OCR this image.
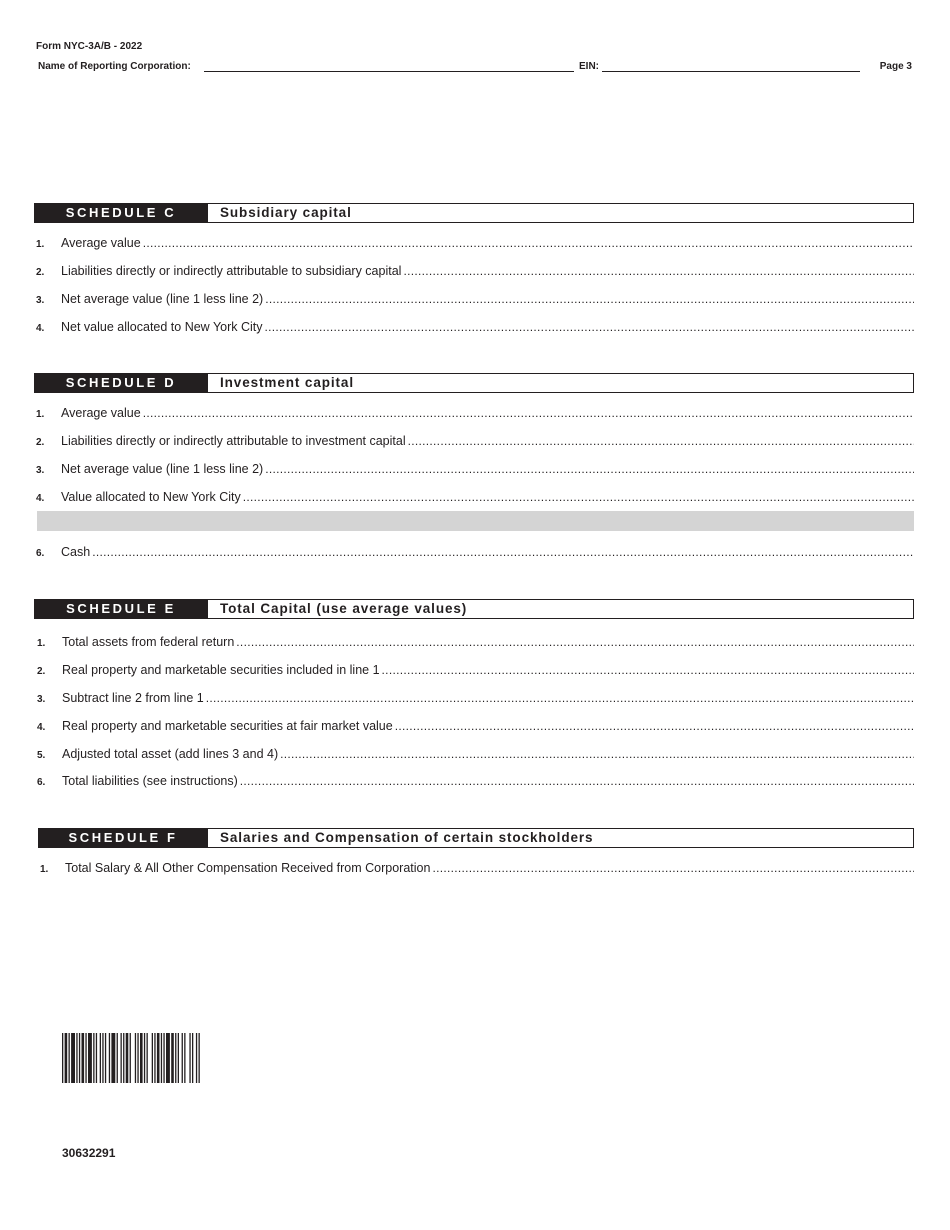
Form NYC-3A/B - 2022
Name of Reporting Corporation:	EIN:	Page 3
SCHEDULE C	Subsidiary capital
1.	Average value
.....
2.	Liabilities directly or indirectly attributable to subsidiary capital
.....
3.	Net average value (line 1 less line 2)
.....
4.	Net value allocated to New York City
.....
SCHEDULE D	Investment capital
1.	Average value
.....
2.	Liabilities directly or indirectly attributable to investment capital
.....
3.	Net average value (line 1 less line 2)
.....
4.	Value allocated to New York City
.....
6.	Cash
.....
SCHEDULE E	Total Capital (use average values)
1.	Total assets from federal return
.....
2.	Real property and marketable securities included in line 1
.....
3.	Subtract line 2 from line 1
.....
4.	Real property and marketable securities at fair market value
.....
5.	Adjusted total asset (add lines 3 and 4)
.....
6.	Total liabilities (see instructions)
.....
SCHEDULE F	Salaries and Compensation of certain stockholders
1.	Total Salary & All Other Compensation Received from Corporation
.....
30632291
